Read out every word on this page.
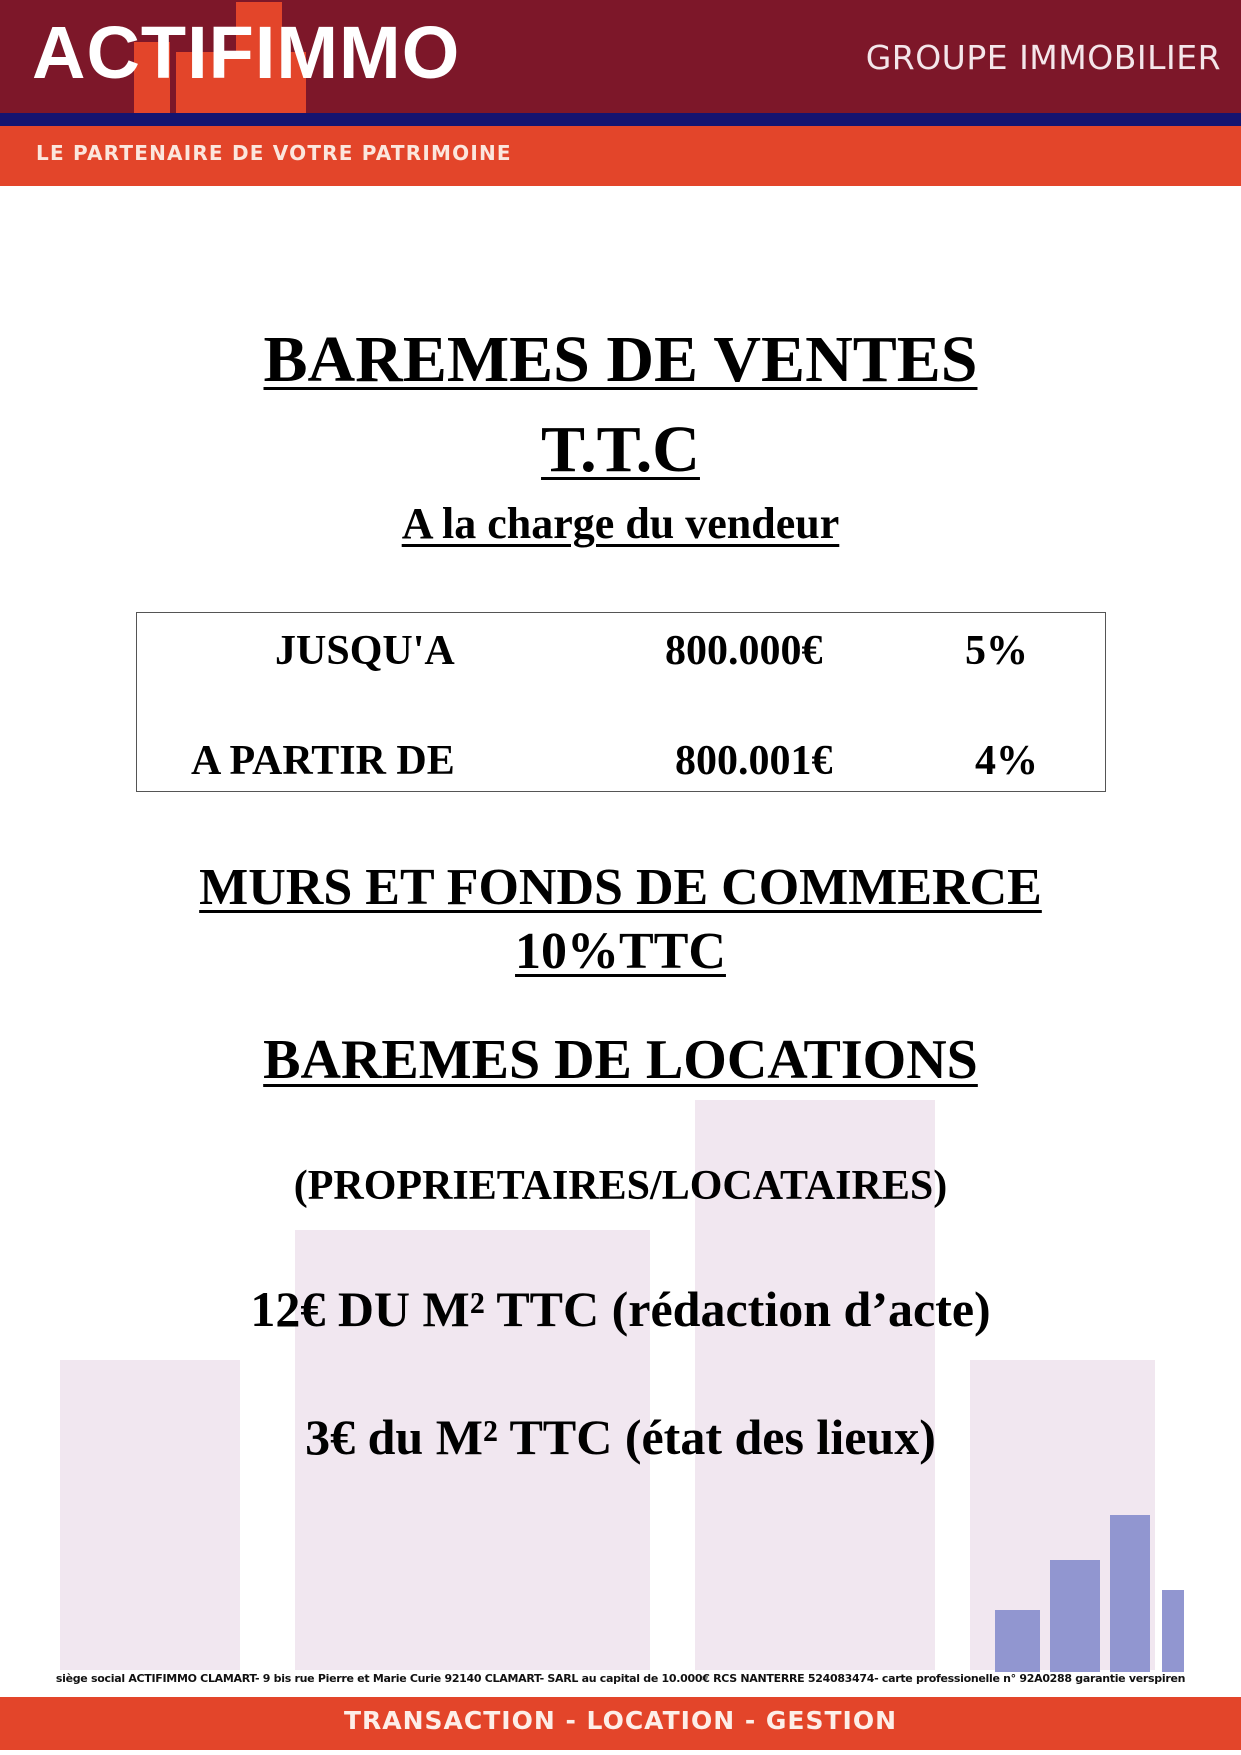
ACTIFIMMO	GROUPE IMMOBILIER
LE PARTENAIRE DE VOTRE PATRIMOINE
BAREMES DE VENTES
T.T.C
A la charge du vendeur
JUSQU'A	800.000€	5%
A PARTIR DE	800.001€	4%
MURS ET FONDS DE COMMERCE
10%TTC
BAREMES DE LOCATIONS
(PROPRIETAIRES/LOCATAIRES)
12€ DU M² TTC (rédaction d’acte)
3€ du M² TTC (état des lieux)
siège social ACTIFIMMO CLAMART- 9 bis rue Pierre et Marie Curie 92140 CLAMART- SARL au capital de 10.000€ RCS NANTERRE 524083474- carte professionelle n° 92A0288 garantie verspiren
TRANSACTION - LOCATION - GESTION
